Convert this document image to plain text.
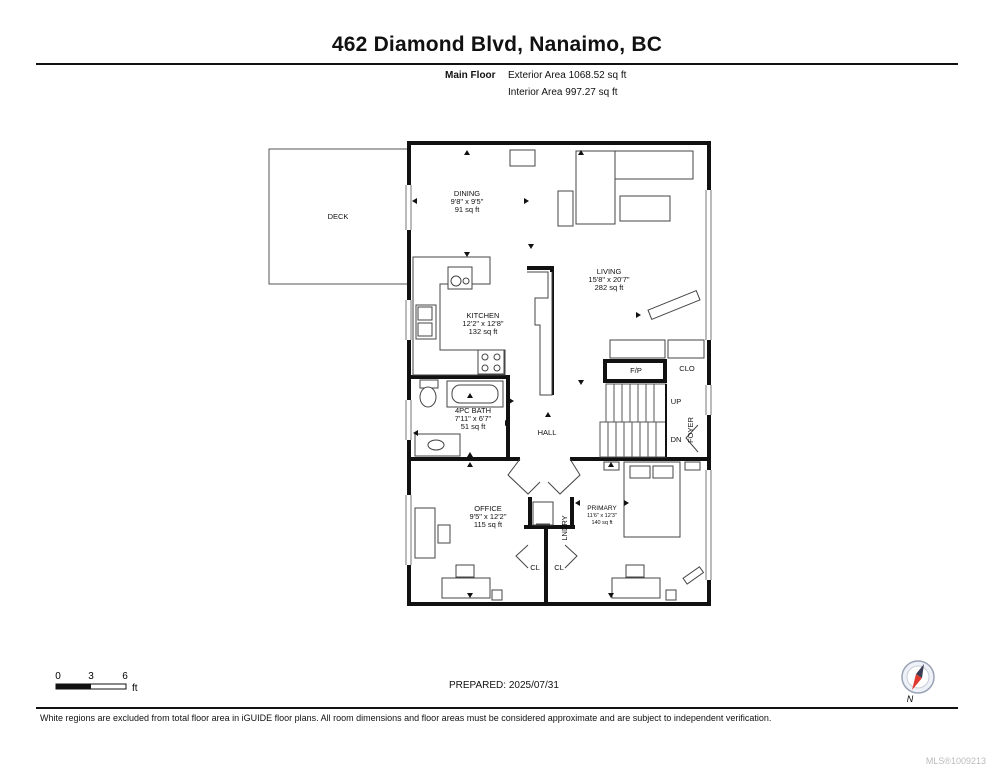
462 Diamond Blvd, Nanaimo, BC
Main Floor Exterior Area 1068.52 sq ft
Interior Area 997.27 sq ft
DECK
DINING
9'8" x 9'5"
91 sq ft
LIVING
15'8" x 20'7"
282 sq ft
KITCHEN
12'2" x 12'8"
132 sq ft
4PC BATH
7'11" x 6'7"
51 sq ft
HALL
F/P	CLO
UP
DN FOYER
OFFICE
9'5" x 12'2"
115 sq ft
PRIMARY
11'6" x 12'3"
140 sq ft
LNDRY
CL CL
0	3	6
ft
N
PREPARED: 2025/07/31
White regions are excluded from total floor area in iGUIDE floor plans. All room dimensions and floor areas must be considered approximate and are subject to independent verification.
MLS®1009213
